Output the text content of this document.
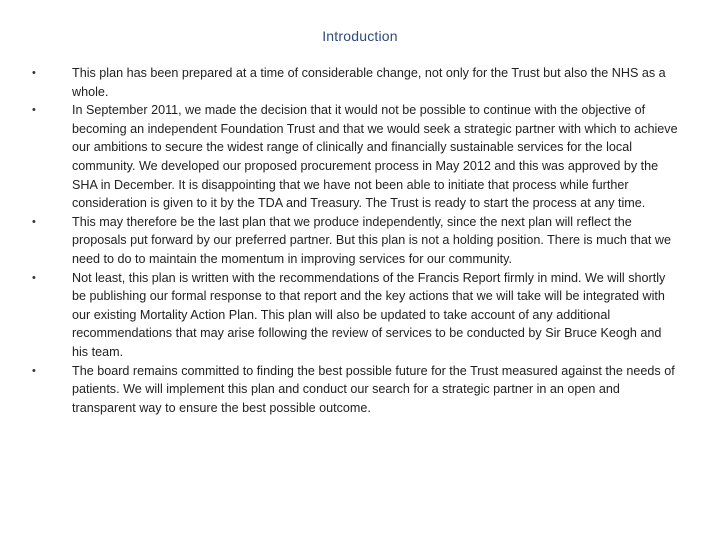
Introduction
•	This plan has been prepared at a time of considerable change, not only for the Trust but also the NHS as a whole.
•	In September 2011, we made the decision that it would not be possible to continue with the objective of becoming an independent Foundation Trust and that we would seek a strategic partner with which to achieve our ambitions to secure the widest range of clinically and financially sustainable services for the local community. We developed our proposed procurement process in May 2012 and this was approved by the SHA in December. It is disappointing that we have not been able to initiate that process while further consideration is given to it by the TDA and Treasury. The Trust is ready to start the process at any time.
•	This may therefore be the last plan that we produce independently, since the next plan will reflect the proposals put forward by our preferred partner. But this plan is not a holding position. There is much that we need to do to maintain the momentum in improving services for our community.
•	Not least, this plan is written with the recommendations of the Francis Report firmly in mind. We will shortly be publishing our formal response to that report and the key actions that we will take will be integrated with our existing Mortality Action Plan. This plan will also be updated to take account of any additional recommendations that may arise following the review of services to be conducted by Sir Bruce Keogh and his team.
•	The board remains committed to finding the best possible future for the Trust measured against the needs of patients. We will implement this plan and conduct our search for a strategic partner in an open and transparent way to ensure the best possible outcome.
